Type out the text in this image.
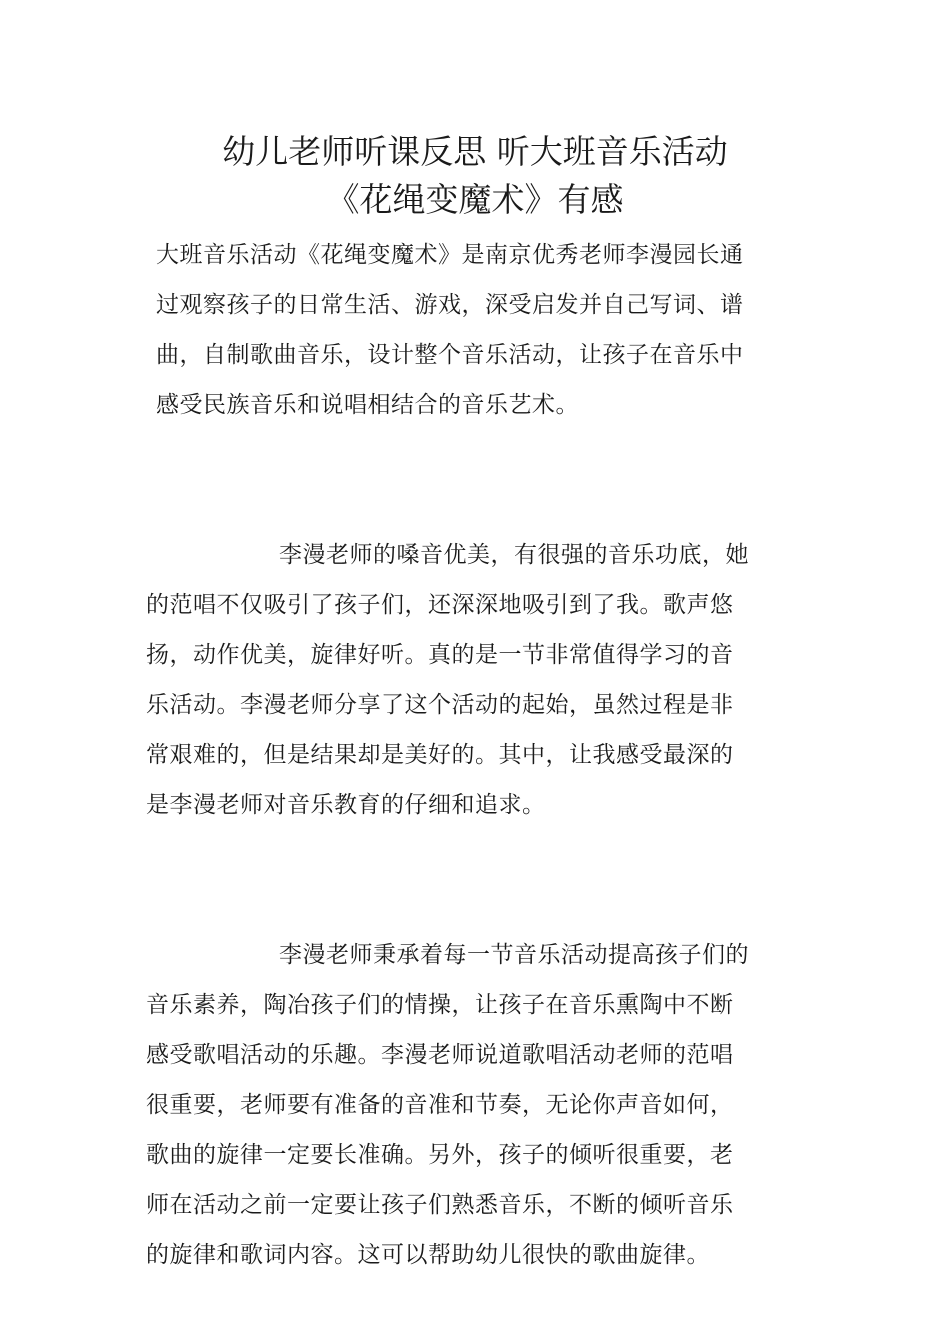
幼儿老师听课反思 听大班音乐活动
《花绳变魔术》有感

大班音乐活动《花绳变魔术》是南京优秀老师李漫园长通
过观察孩子的日常生活、游戏，深受启发并自己写词、谱
曲，自制歌曲音乐，设计整个音乐活动，让孩子在音乐中
感受民族音乐和说唱相结合的音乐艺术。

李漫老师的嗓音优美，有很强的音乐功底，她
的范唱不仅吸引了孩子们，还深深地吸引到了我。歌声悠
扬，动作优美，旋律好听。真的是一节非常值得学习的音
乐活动。李漫老师分享了这个活动的起始，虽然过程是非
常艰难的，但是结果却是美好的。其中，让我感受最深的
是李漫老师对音乐教育的仔细和追求。

李漫老师秉承着每一节音乐活动提高孩子们的
音乐素养，陶冶孩子们的情操，让孩子在音乐熏陶中不断
感受歌唱活动的乐趣。李漫老师说道歌唱活动老师的范唱
很重要，老师要有准备的音准和节奏，无论你声音如何，
歌曲的旋律一定要长准确。另外，孩子的倾听很重要，老
师在活动之前一定要让孩子们熟悉音乐，不断的倾听音乐
的旋律和歌词内容。这可以帮助幼儿很快的歌曲旋律。
